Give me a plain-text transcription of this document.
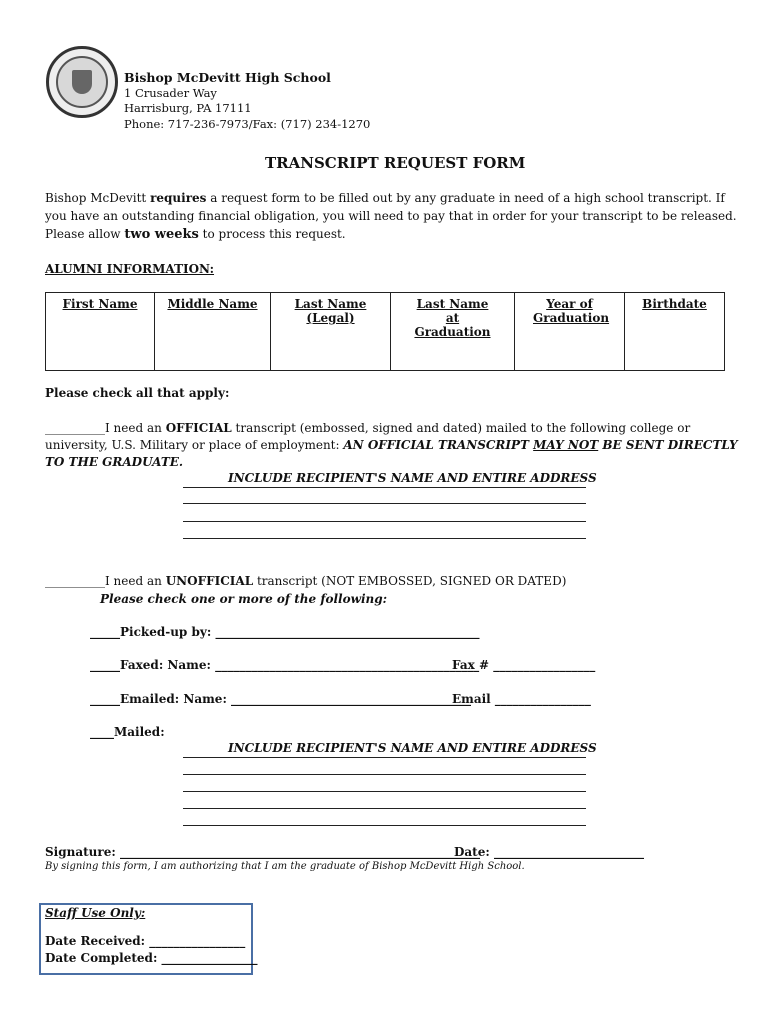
Bishop McDevitt High School
1 Crusader Way
Harrisburg, PA 17111
Phone: 717-236-7973/Fax: (717) 234-1270
TRANSCRIPT REQUEST FORM
Bishop McDevitt requires a request form to be filled out by any graduate in need of a high school transcript. If
you have an outstanding financial obligation, you will need to pay that in order for your transcript to be released.
Please allow two weeks to process this request.
ALUMNI INFORMATION:
First Name	Middle Name	Last Name (Legal)	Last Name at Graduation	Year of Graduation	Birthdate
Please check all that apply:
__________I need an OFFICIAL transcript (embossed, signed and dated) mailed to the following college or
university, U.S. Military or place of employment: AN OFFICIAL TRANSCRIPT MAY NOT BE SENT DIRECTLY
TO THE GRADUATE.
INCLUDE RECIPIENT'S NAME AND ENTIRE ADDRESS
__________I need an UNOFFICIAL transcript (NOT EMBOSSED, SIGNED OR DATED)
Please check one or more of the following:
_____Picked-up by: ____________________________________________
_____Faxed: Name: ____________________________________________
Fax # _________________
_____Emailed: Name: ________________________________________
Email ________________
____Mailed:
INCLUDE RECIPIENT'S NAME AND ENTIRE ADDRESS
Signature: ____________________________________________________________
Date: _________________________
By signing this form, I am authorizing that I am the graduate of Bishop McDevitt High School.
Staff Use Only:
Date Received: ________________
Date Completed: ________________
